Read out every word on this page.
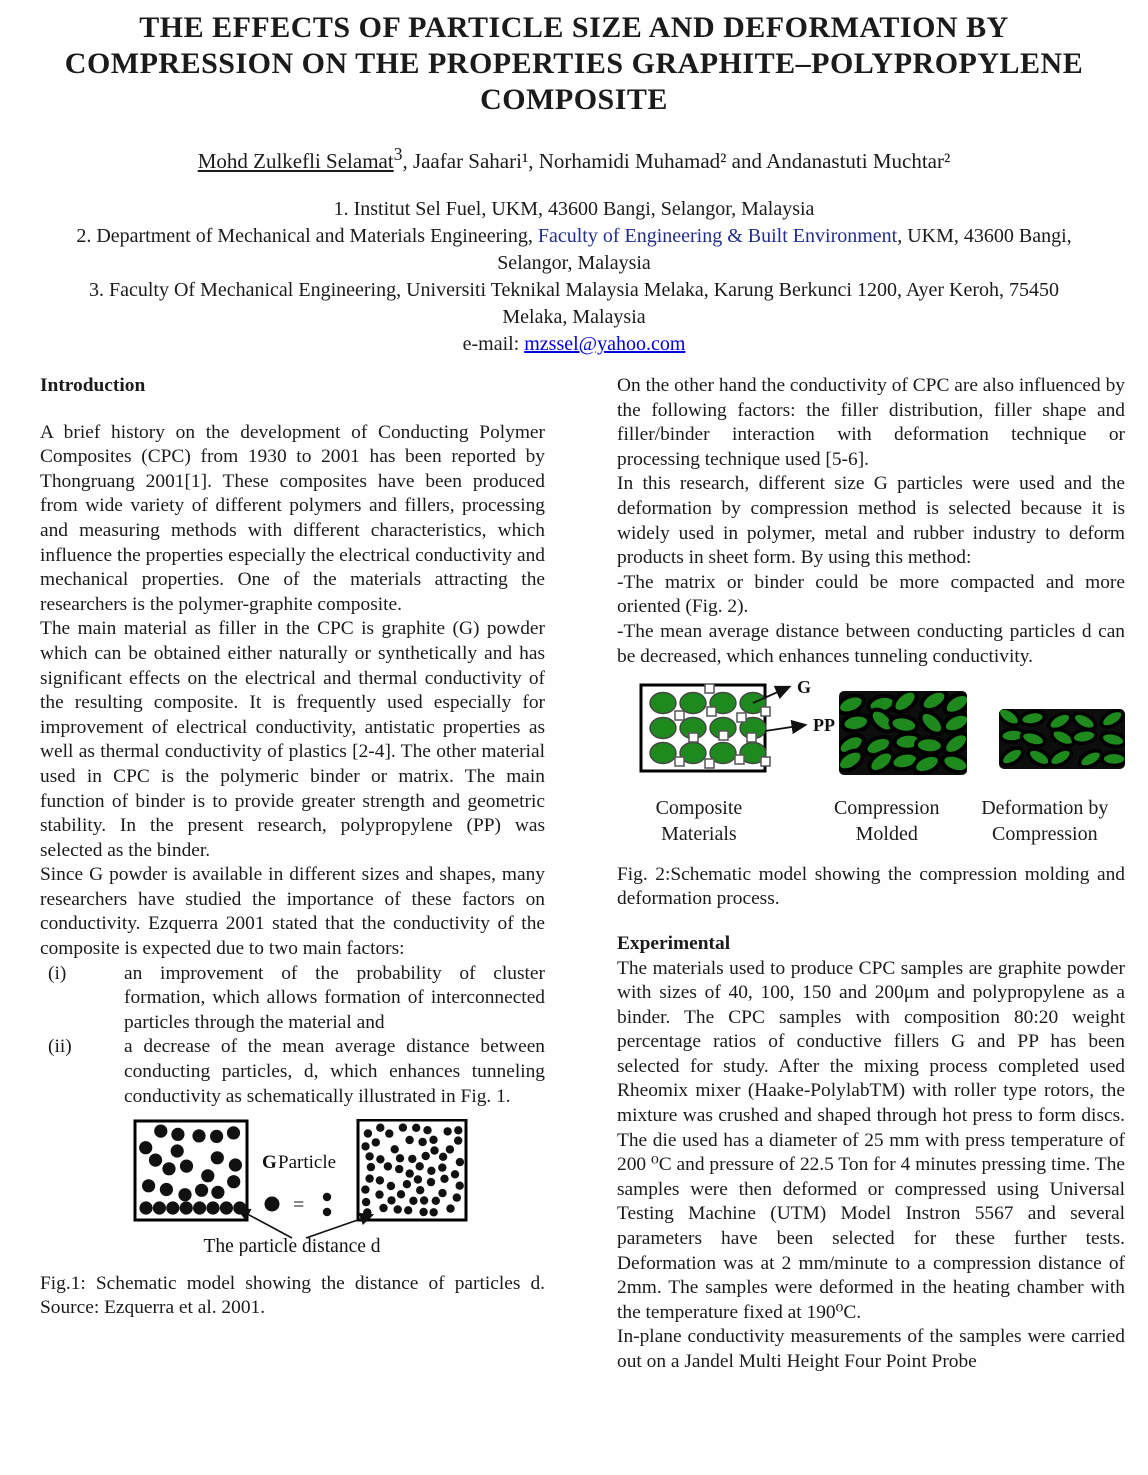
THE EFFECTS OF PARTICLE SIZE AND DEFORMATION BY
COMPRESSION ON THE PROPERTIES GRAPHITE–POLYPROPYLENE
COMPOSITE
Mohd Zulkefli Selamat$^3$, Jaafar Sahari¹, Norhamidi Muhamad² and Andanastuti Muchtar²
1. Institut Sel Fuel, UKM, 43600 Bangi, Selangor, Malaysia
2. Department of Mechanical and Materials Engineering, Faculty of Engineering & Built Environment, UKM, 43600 Bangi,
Selangor, Malaysia
3. Faculty Of Mechanical Engineering, Universiti Teknikal Malaysia Melaka, Karung Berkunci 1200, Ayer Keroh, 75450
Melaka, Malaysia
e-mail: mzssel@yahoo.com
Introduction

A brief history on the development of Conducting Polymer Composites (CPC) from 1930 to 2001 has been reported by Thongruang 2001[1]. These composites have been produced from wide variety of different polymers and fillers, processing and measuring methods with different characteristics, which influence the properties especially the electrical conductivity and mechanical properties. One of the materials attracting the researchers is the polymer-graphite composite.

The main material as filler in the CPC is graphite (G) powder which can be obtained either naturally or synthetically and has significant effects on the electrical and thermal conductivity of the resulting composite. It is frequently used especially for improvement of electrical conductivity, antistatic properties as well as thermal conductivity of plastics [2-4]. The other material used in CPC is the polymeric binder or matrix. The main function of binder is to provide greater strength and geometric stability. In the present research, polypropylene (PP) was selected as the binder.

Since G powder is available in different sizes and shapes, many researchers have studied the importance of these factors on conductivity. Ezquerra 2001 stated that the conductivity of the composite is expected due to two main factors:

(i)	an improvement of the probability of cluster formation, which allows formation of interconnected particles through the material and
(ii)	a decrease of the mean average distance between conducting particles, d, which enhances tunneling conductivity as schematically illustrated in Fig. 1.
G Particle
=
The particle distance d
Fig.1: Schematic model showing the distance of particles d. Source: Ezquerra et al. 2001.

On the other hand the conductivity of CPC are also influenced by the following factors: the filler distribution, filler shape and filler/binder interaction with deformation technique or processing technique used [5-6].

In this research, different size G particles were used and the deformation by compression method is selected because it is widely used in polymer, metal and rubber industry to deform products in sheet form. By using this method:

-The matrix or binder could be more compacted and more oriented (Fig. 2).

-The mean average distance between conducting particles d can be decreased, which enhances tunneling conductivity.

G
PP
Composite Materials
Compression Molded
Deformation by Compression
Fig. 2:Schematic model showing the compression molding and deformation process.
Experimental

The materials used to produce CPC samples are graphite powder with sizes of 40, 100, 150 and 200μm and polypropylene as a binder. The CPC samples with composition 80:20 weight percentage ratios of conductive fillers G and PP has been selected for study. After the mixing process completed used Rheomix mixer (Haake-PolylabTM) with roller type rotors, the mixture was crushed and shaped through hot press to form discs. The die used has a diameter of 25 mm with press temperature of 200 ⁰C and pressure of 22.5 Ton for 4 minutes pressing time. The samples were then deformed or compressed using Universal Testing Machine (UTM) Model Instron 5567 and several parameters have been selected for these further tests. Deformation was at 2 mm/minute to a compression distance of 2mm. The samples were deformed in the heating chamber with the temperature fixed at 190⁰C.

In-plane conductivity measurements of the samples were carried out on a Jandel Multi Height Four Point Probe
